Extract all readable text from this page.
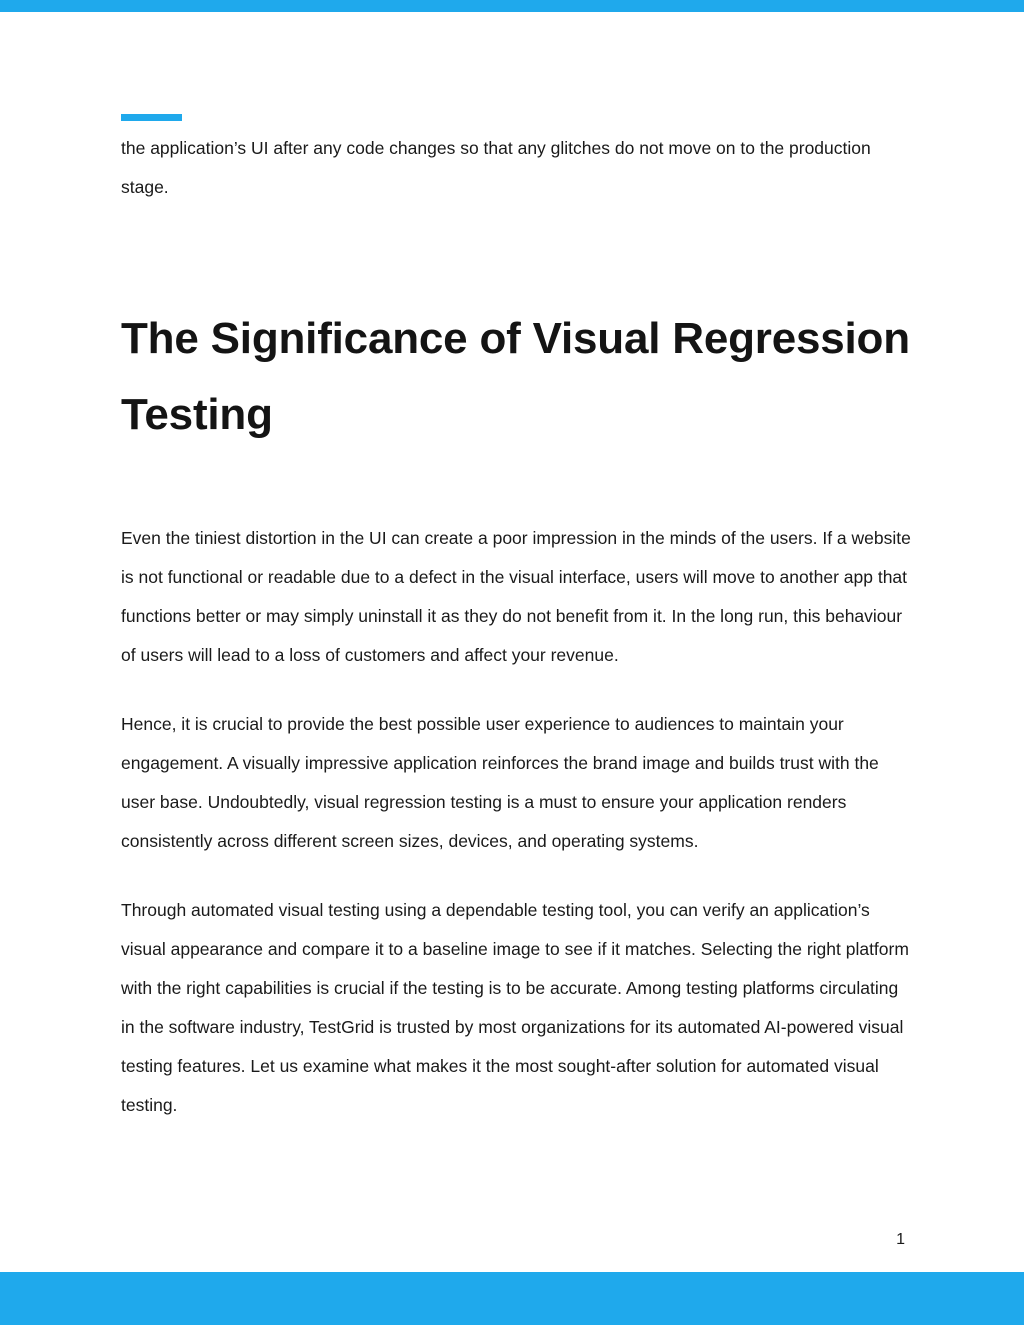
the application’s UI after any code changes so that any glitches do not move on to the production stage.

The Significance of Visual Regression Testing

Even the tiniest distortion in the UI can create a poor impression in the minds of the users. If a website is not functional or readable due to a defect in the visual interface, users will move to another app that functions better or may simply uninstall it as they do not benefit from it. In the long run, this behaviour of users will lead to a loss of customers and affect your revenue.

Hence, it is crucial to provide the best possible user experience to audiences to maintain your engagement. A visually impressive application reinforces the brand image and builds trust with the user base. Undoubtedly, visual regression testing is a must to ensure your application renders consistently across different screen sizes, devices, and operating systems.

Through automated visual testing using a dependable testing tool, you can verify an application’s visual appearance and compare it to a baseline image to see if it matches. Selecting the right platform with the right capabilities is crucial if the testing is to be accurate. Among testing platforms circulating in the software industry, TestGrid is trusted by most organizations for its automated AI-powered visual testing features. Let us examine what makes it the most sought-after solution for automated visual testing.

1
